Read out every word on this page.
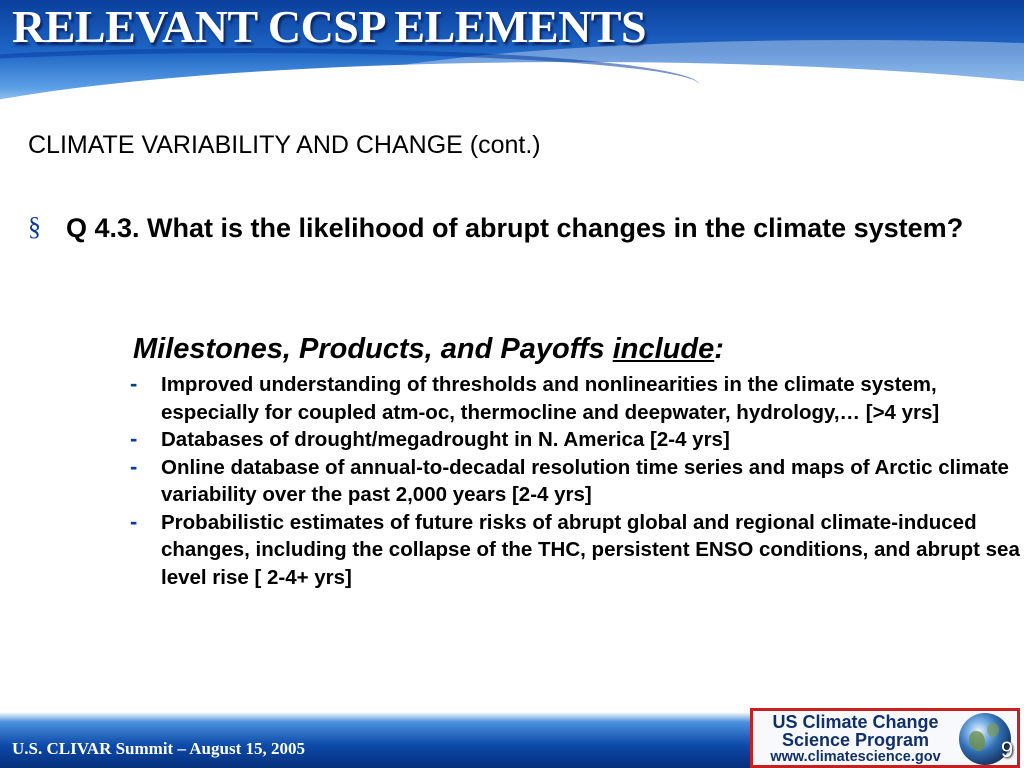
RELEVANT CCSP ELEMENTS
CLIMATE VARIABILITY AND CHANGE (cont.)
§ Q 4.3. What is the likelihood of abrupt changes in the climate system?
Milestones, Products, and Payoffs include:
- Improved understanding of thresholds and nonlinearities in the climate system, especially for coupled atm-oc, thermocline and deepwater, hydrology,… [>4 yrs]
- Databases of drought/megadrought in N. America [2-4 yrs]
- Online database of annual-to-decadal resolution time series and maps of Arctic climate variability over the past 2,000 years [2-4 yrs]
- Probabilistic estimates of future risks of abrupt global and regional climate-induced changes, including the collapse of the THC, persistent ENSO conditions, and abrupt sea level rise [ 2-4+ yrs]
U.S. CLIVAR Summit – August 15, 2005
US Climate Change
Science Program
www.climatescience.gov	9
